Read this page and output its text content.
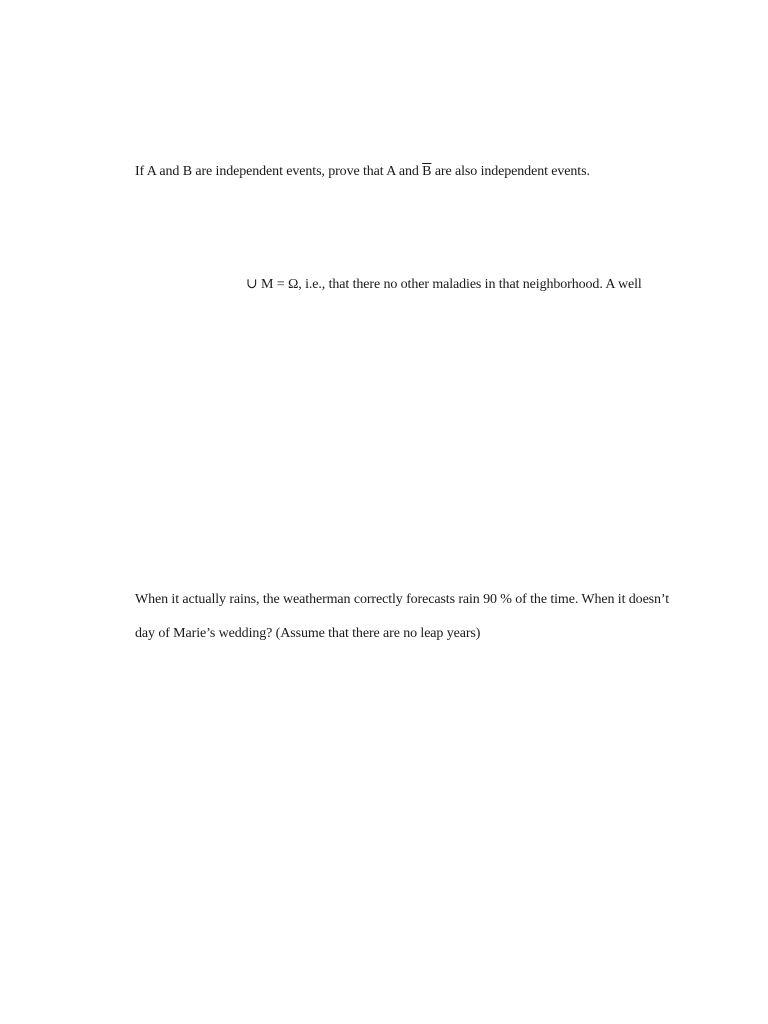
If A and B are independent events, prove that A and $\overline{B}$ are also independent events.
∪ M = Ω, i.e., that there no other maladies in that neighborhood. A well
When it actually rains, the weatherman correctly forecasts rain 90 % of the time. When it doesn’t
day of Marie’s wedding? (Assume that there are no leap years)
